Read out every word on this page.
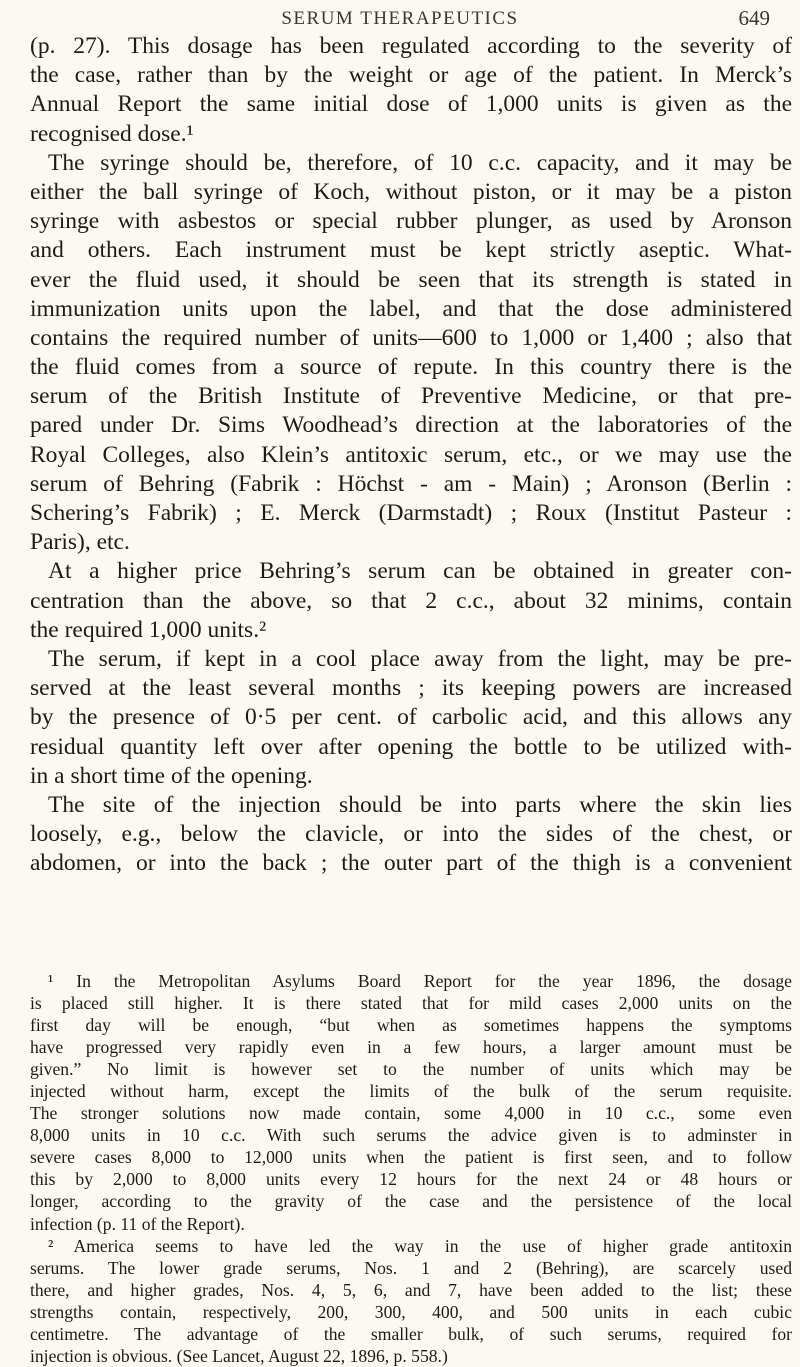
SERUM THERAPEUTICS	649
(p. 27). This dosage has been regulated according to the severity of
the case, rather than by the weight or age of the patient. In Merck’s
Annual Report the same initial dose of 1,000 units is given as the
recognised dose.¹
The syringe should be, therefore, of 10 c.c. capacity, and it may be
either the ball syringe of Koch, without piston, or it may be a piston
syringe with asbestos or special rubber plunger, as used by Aronson
and others. Each instrument must be kept strictly aseptic. What-
ever the fluid used, it should be seen that its strength is stated in
immunization units upon the label, and that the dose administered
contains the required number of units—600 to 1,000 or 1,400 ; also that
the fluid comes from a source of repute. In this country there is the
serum of the British Institute of Preventive Medicine, or that pre-
pared under Dr. Sims Woodhead’s direction at the laboratories of the
Royal Colleges, also Klein’s antitoxic serum, etc., or we may use the
serum of Behring (Fabrik : Höchst - am - Main) ; Aronson (Berlin :
Schering’s Fabrik) ; E. Merck (Darmstadt) ; Roux (Institut Pasteur :
Paris), etc.
At a higher price Behring’s serum can be obtained in greater con-
centration than the above, so that 2 c.c., about 32 minims, contain
the required 1,000 units.²
The serum, if kept in a cool place away from the light, may be pre-
served at the least several months ; its keeping powers are increased
by the presence of 0·5 per cent. of carbolic acid, and this allows any
residual quantity left over after opening the bottle to be utilized with-
in a short time of the opening.
The site of the injection should be into parts where the skin lies
loosely, e.g., below the clavicle, or into the sides of the chest, or
abdomen, or into the back ; the outer part of the thigh is a convenient
¹ In the Metropolitan Asylums Board Report for the year 1896, the dosage
is placed still higher. It is there stated that for mild cases 2,000 units on the
first day will be enough, “but when as sometimes happens the symptoms
have progressed very rapidly even in a few hours, a larger amount must be
given.” No limit is however set to the number of units which may be
injected without harm, except the limits of the bulk of the serum requisite.
The stronger solutions now made contain, some 4,000 in 10 c.c., some even
8,000 units in 10 c.c. With such serums the advice given is to adminster in
severe cases 8,000 to 12,000 units when the patient is first seen, and to follow
this by 2,000 to 8,000 units every 12 hours for the next 24 or 48 hours or
longer, according to the gravity of the case and the persistence of the local
infection (p. 11 of the Report).
² America seems to have led the way in the use of higher grade antitoxin
serums. The lower grade serums, Nos. 1 and 2 (Behring), are scarcely used
there, and higher grades, Nos. 4, 5, 6, and 7, have been added to the list; these
strengths contain, respectively, 200, 300, 400, and 500 units in each cubic
centimetre. The advantage of the smaller bulk, of such serums, required for
injection is obvious. (See Lancet, August 22, 1896, p. 558.)
